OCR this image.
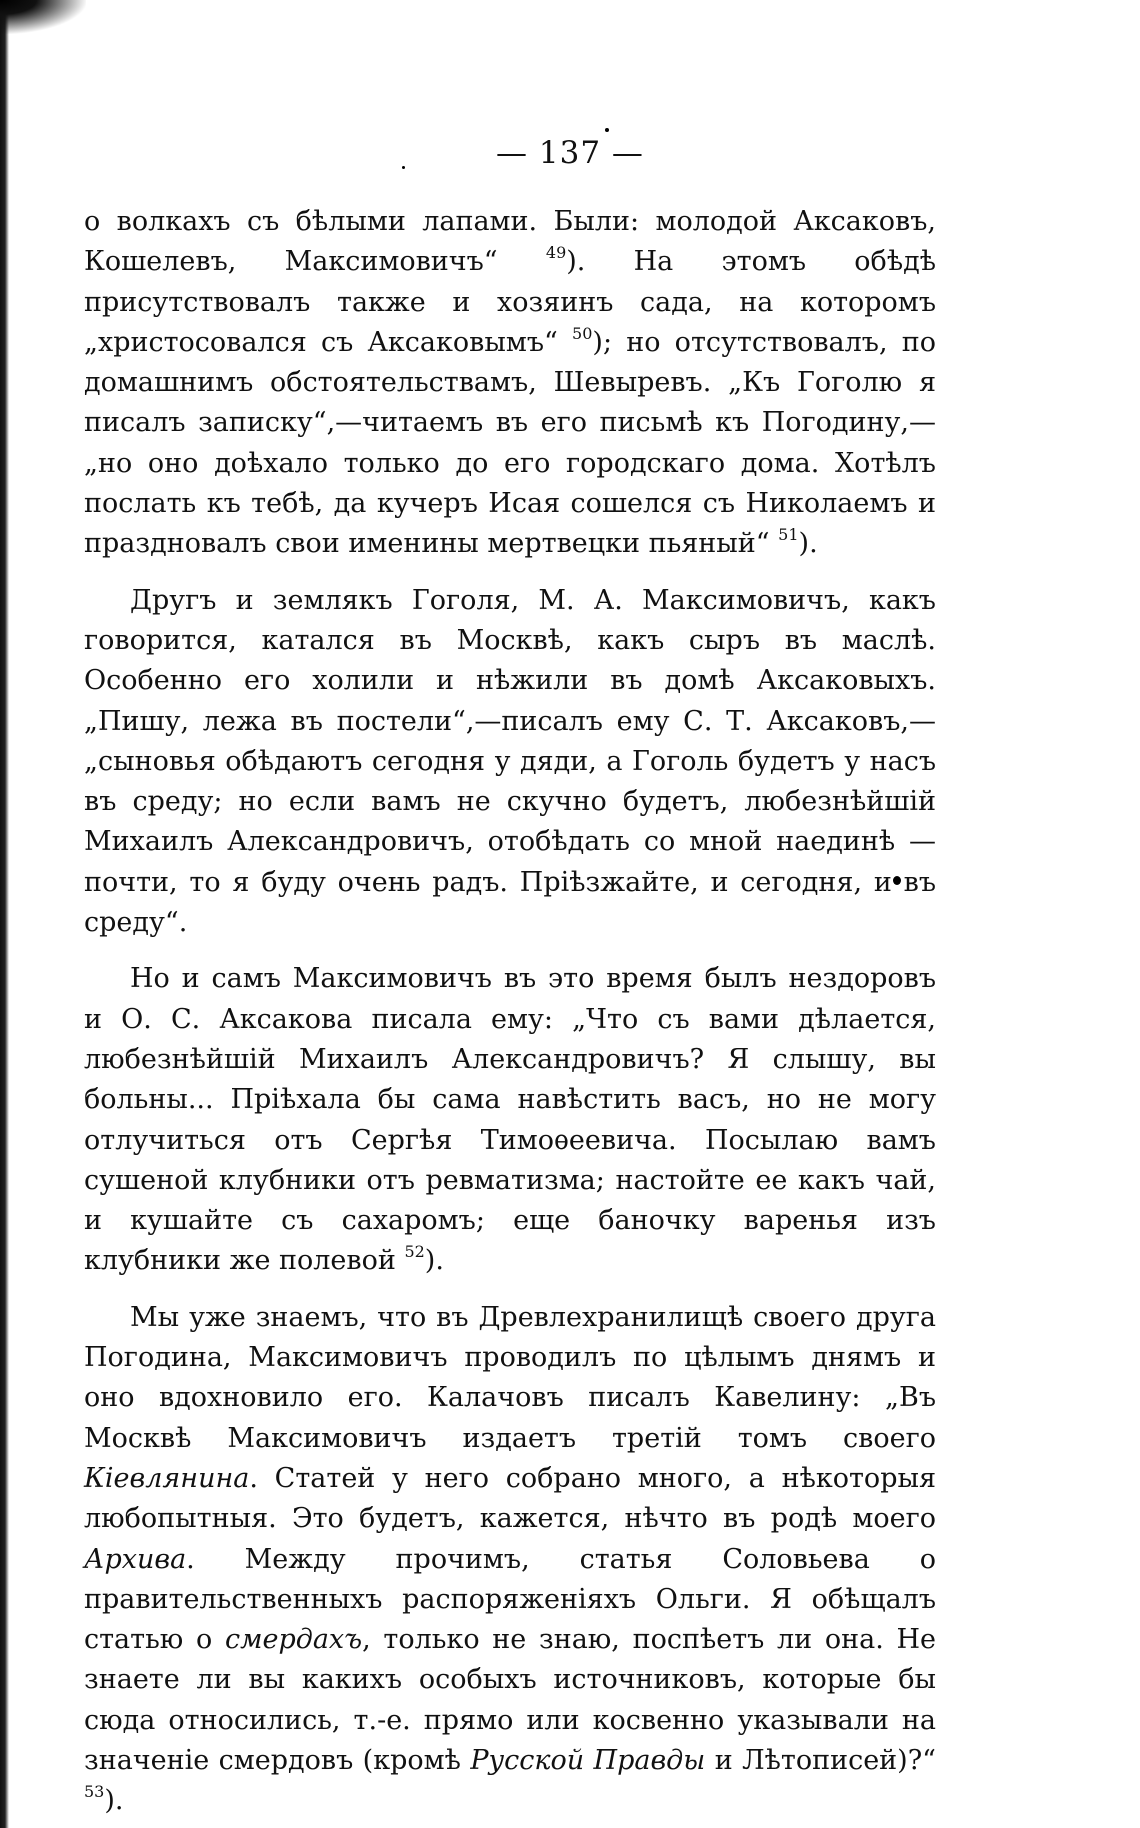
— 137 —

о волкахъ съ бѣлыми лапами. Были: молодой Аксаковъ, Кошелевъ, Максимовичъ“ $^{49}$). На этомъ обѣдѣ присутствовалъ также и хозяинъ сада, на которомъ „христосовался съ Аксаковымъ“ $^{50}$); но отсутствовалъ, по домашнимъ обстоятельствамъ, Шевыревъ. „Къ Гоголю я писалъ записку“,—читаемъ въ его письмѣ къ Погодину,—„но оно доѣхало только до его городскаго дома. Хотѣлъ послать къ тебѣ, да кучеръ Исая сошелся съ Николаемъ и праздновалъ свои именины мертвецки пьяный“ $^{51}$).

Другъ и землякъ Гоголя, М. А. Максимовичъ, какъ говорится, катался въ Москвѣ, какъ сыръ въ маслѣ. Особенно его холили и нѣжили въ домѣ Аксаковыхъ. „Пишу, лежа въ постели“,—писалъ ему С. Т. Аксаковъ,—„сыновья обѣдаютъ сегодня у дяди, а Гоголь будетъ у насъ въ среду; но если вамъ не скучно будетъ, любезнѣйшій Михаилъ Александровичъ, отобѣдать со мной наединѣ — почти, то я буду очень радъ. Пріѣзжайте, и сегодня, и въ среду“.

Но и самъ Максимовичъ въ это время былъ нездоровъ и О. С. Аксакова писала ему: „Что съ вами дѣлается, любезнѣйшій Михаилъ Александровичъ? Я слышу, вы больны... Пріѣхала бы сама навѣстить васъ, но не могу отлучиться отъ Сергѣя Тимоѳеевича. Посылаю вамъ сушеной клубники отъ ревматизма; настойте ее какъ чай, и кушайте съ сахаромъ; еще баночку варенья изъ клубники же полевой $^{52}$).

Мы уже знаемъ, что въ Древлехранилищѣ своего друга Погодина, Максимовичъ проводилъ по цѣлымъ днямъ и оно вдохновило его. Калачовъ писалъ Кавелину: „Въ Москвѣ Максимовичъ издаетъ третій томъ своего Кіевлянина. Статей у него собрано много, а нѣкоторыя любопытныя. Это будетъ, кажется, нѣчто въ родѣ моего Архива. Между прочимъ, статья Соловьева о правительственныхъ распоряженіяхъ Ольги. Я обѣщалъ статью о смердахъ, только не знаю, поспѣетъ ли она. Не знаете ли вы какихъ особыхъ источниковъ, которые бы сюда относились, т.-е. прямо или косвенно указывали на значеніе смердовъ (кромѣ Русской Правды и Лѣтописей)?“ $^{53}$).
